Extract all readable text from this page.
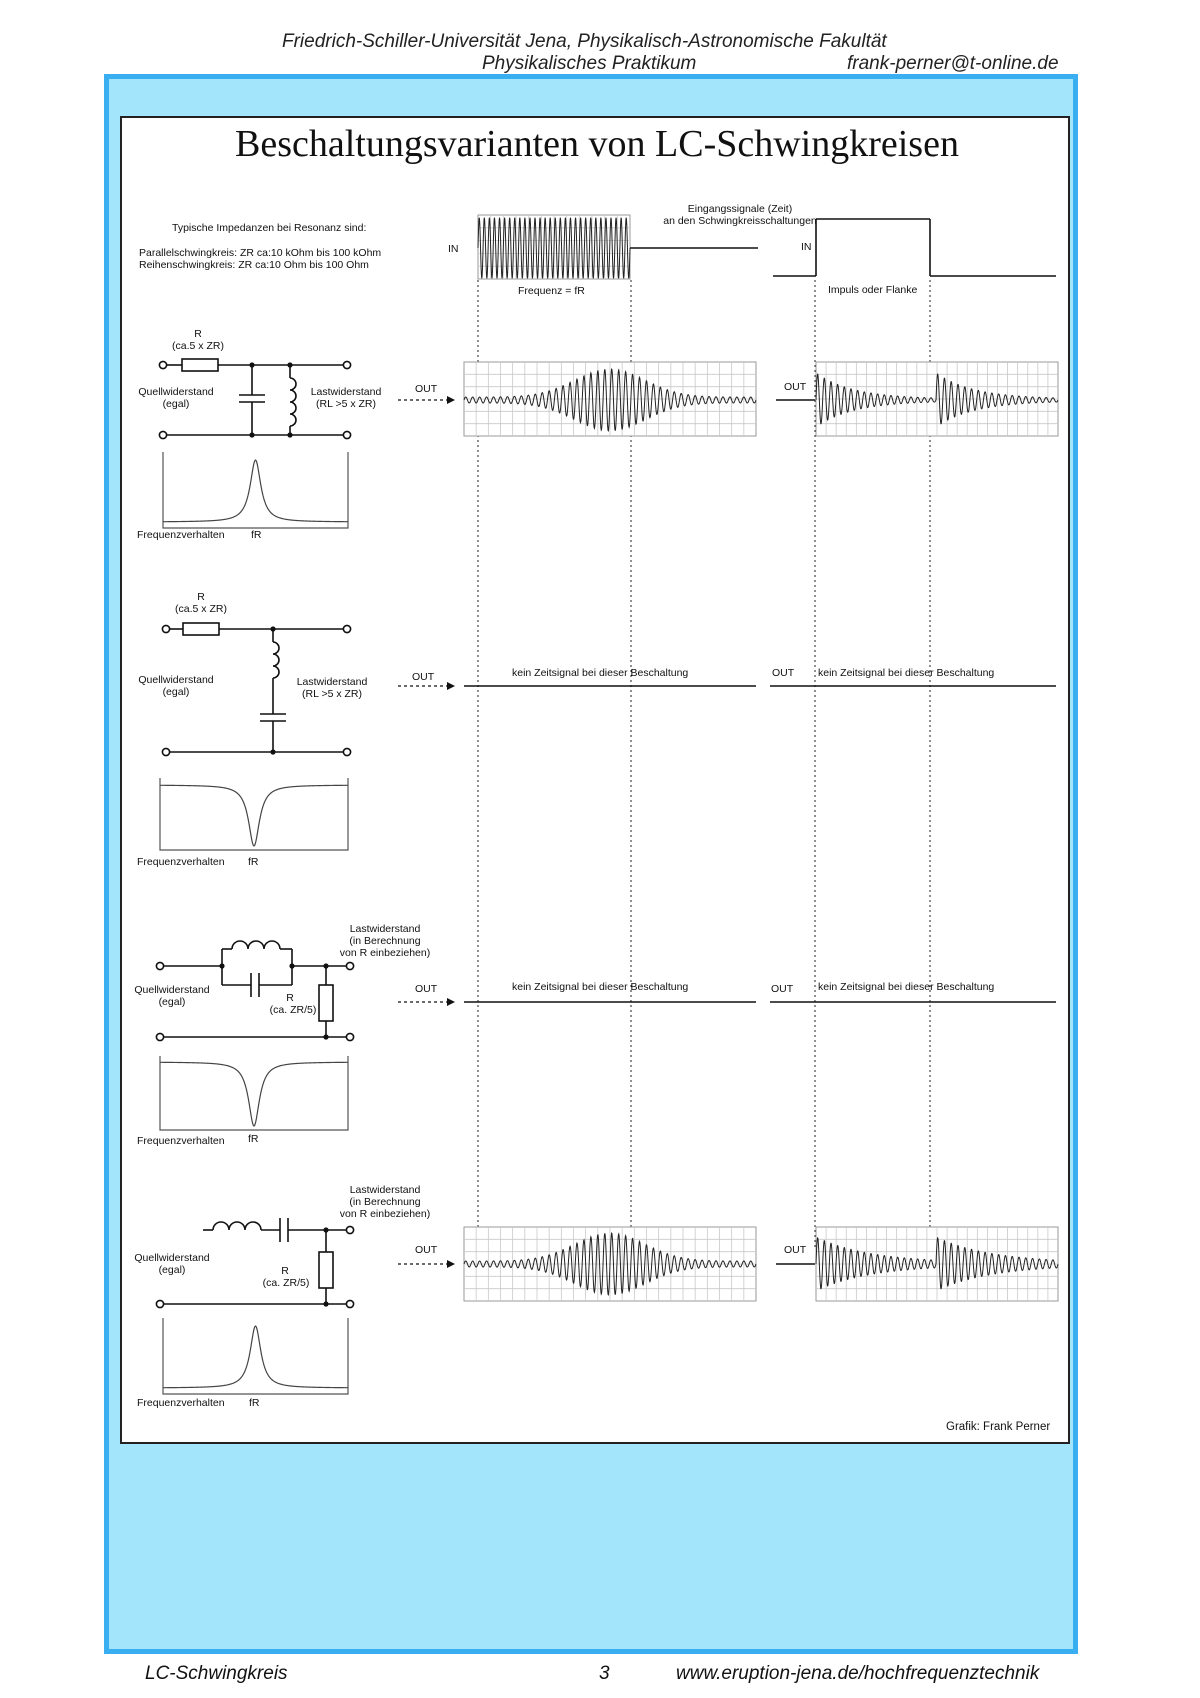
Friedrich-Schiller-Universität Jena, Physikalisch-Astronomische Fakultät
Physikalisches Praktikum	frank-perner@t-online.de
Beschaltungsvarianten von LC-Schwingkreisen
Typische Impedanzen bei Resonanz sind:
Parallelschwingkreis: ZR ca:10 kOhm bis 100 kOhm
Reihenschwingkreis: ZR ca:10 Ohm bis 100 Ohm
Eingangssignale (Zeit)
an den Schwingkreisschaltungen
IN	IN
Frequenz = fR	Impuls oder Flanke
R
(ca.5 x ZR)
Quellwiderstand
(egal)
Lastwiderstand
(RL >5 x ZR)
OUT	OUT
Frequenzverhalten	fR
R
(ca.5 x ZR)
Quellwiderstand
(egal)
Lastwiderstand
(RL >5 x ZR)
OUT	kein Zeitsignal bei dieser Beschaltung	OUT kein Zeitsignal bei dieser Beschaltung
Frequenzverhalten fR
Lastwiderstand
(in Berechnung
von R einbeziehen)
Quellwiderstand
(egal)	R
(ca. ZR/5)
OUT	kein Zeitsignal bei dieser Beschaltung	OUT kein Zeitsignal bei dieser Beschaltung
Frequenzverhalten fR
Lastwiderstand
(in Berechnung
von R einbeziehen)
Quellwiderstand
(egal)	R
(ca. ZR/5)
OUT	OUT
Frequenzverhalten fR
Grafik: Frank Perner
LC-Schwingkreis	3	www.eruption-jena.de/hochfrequenztechnik
